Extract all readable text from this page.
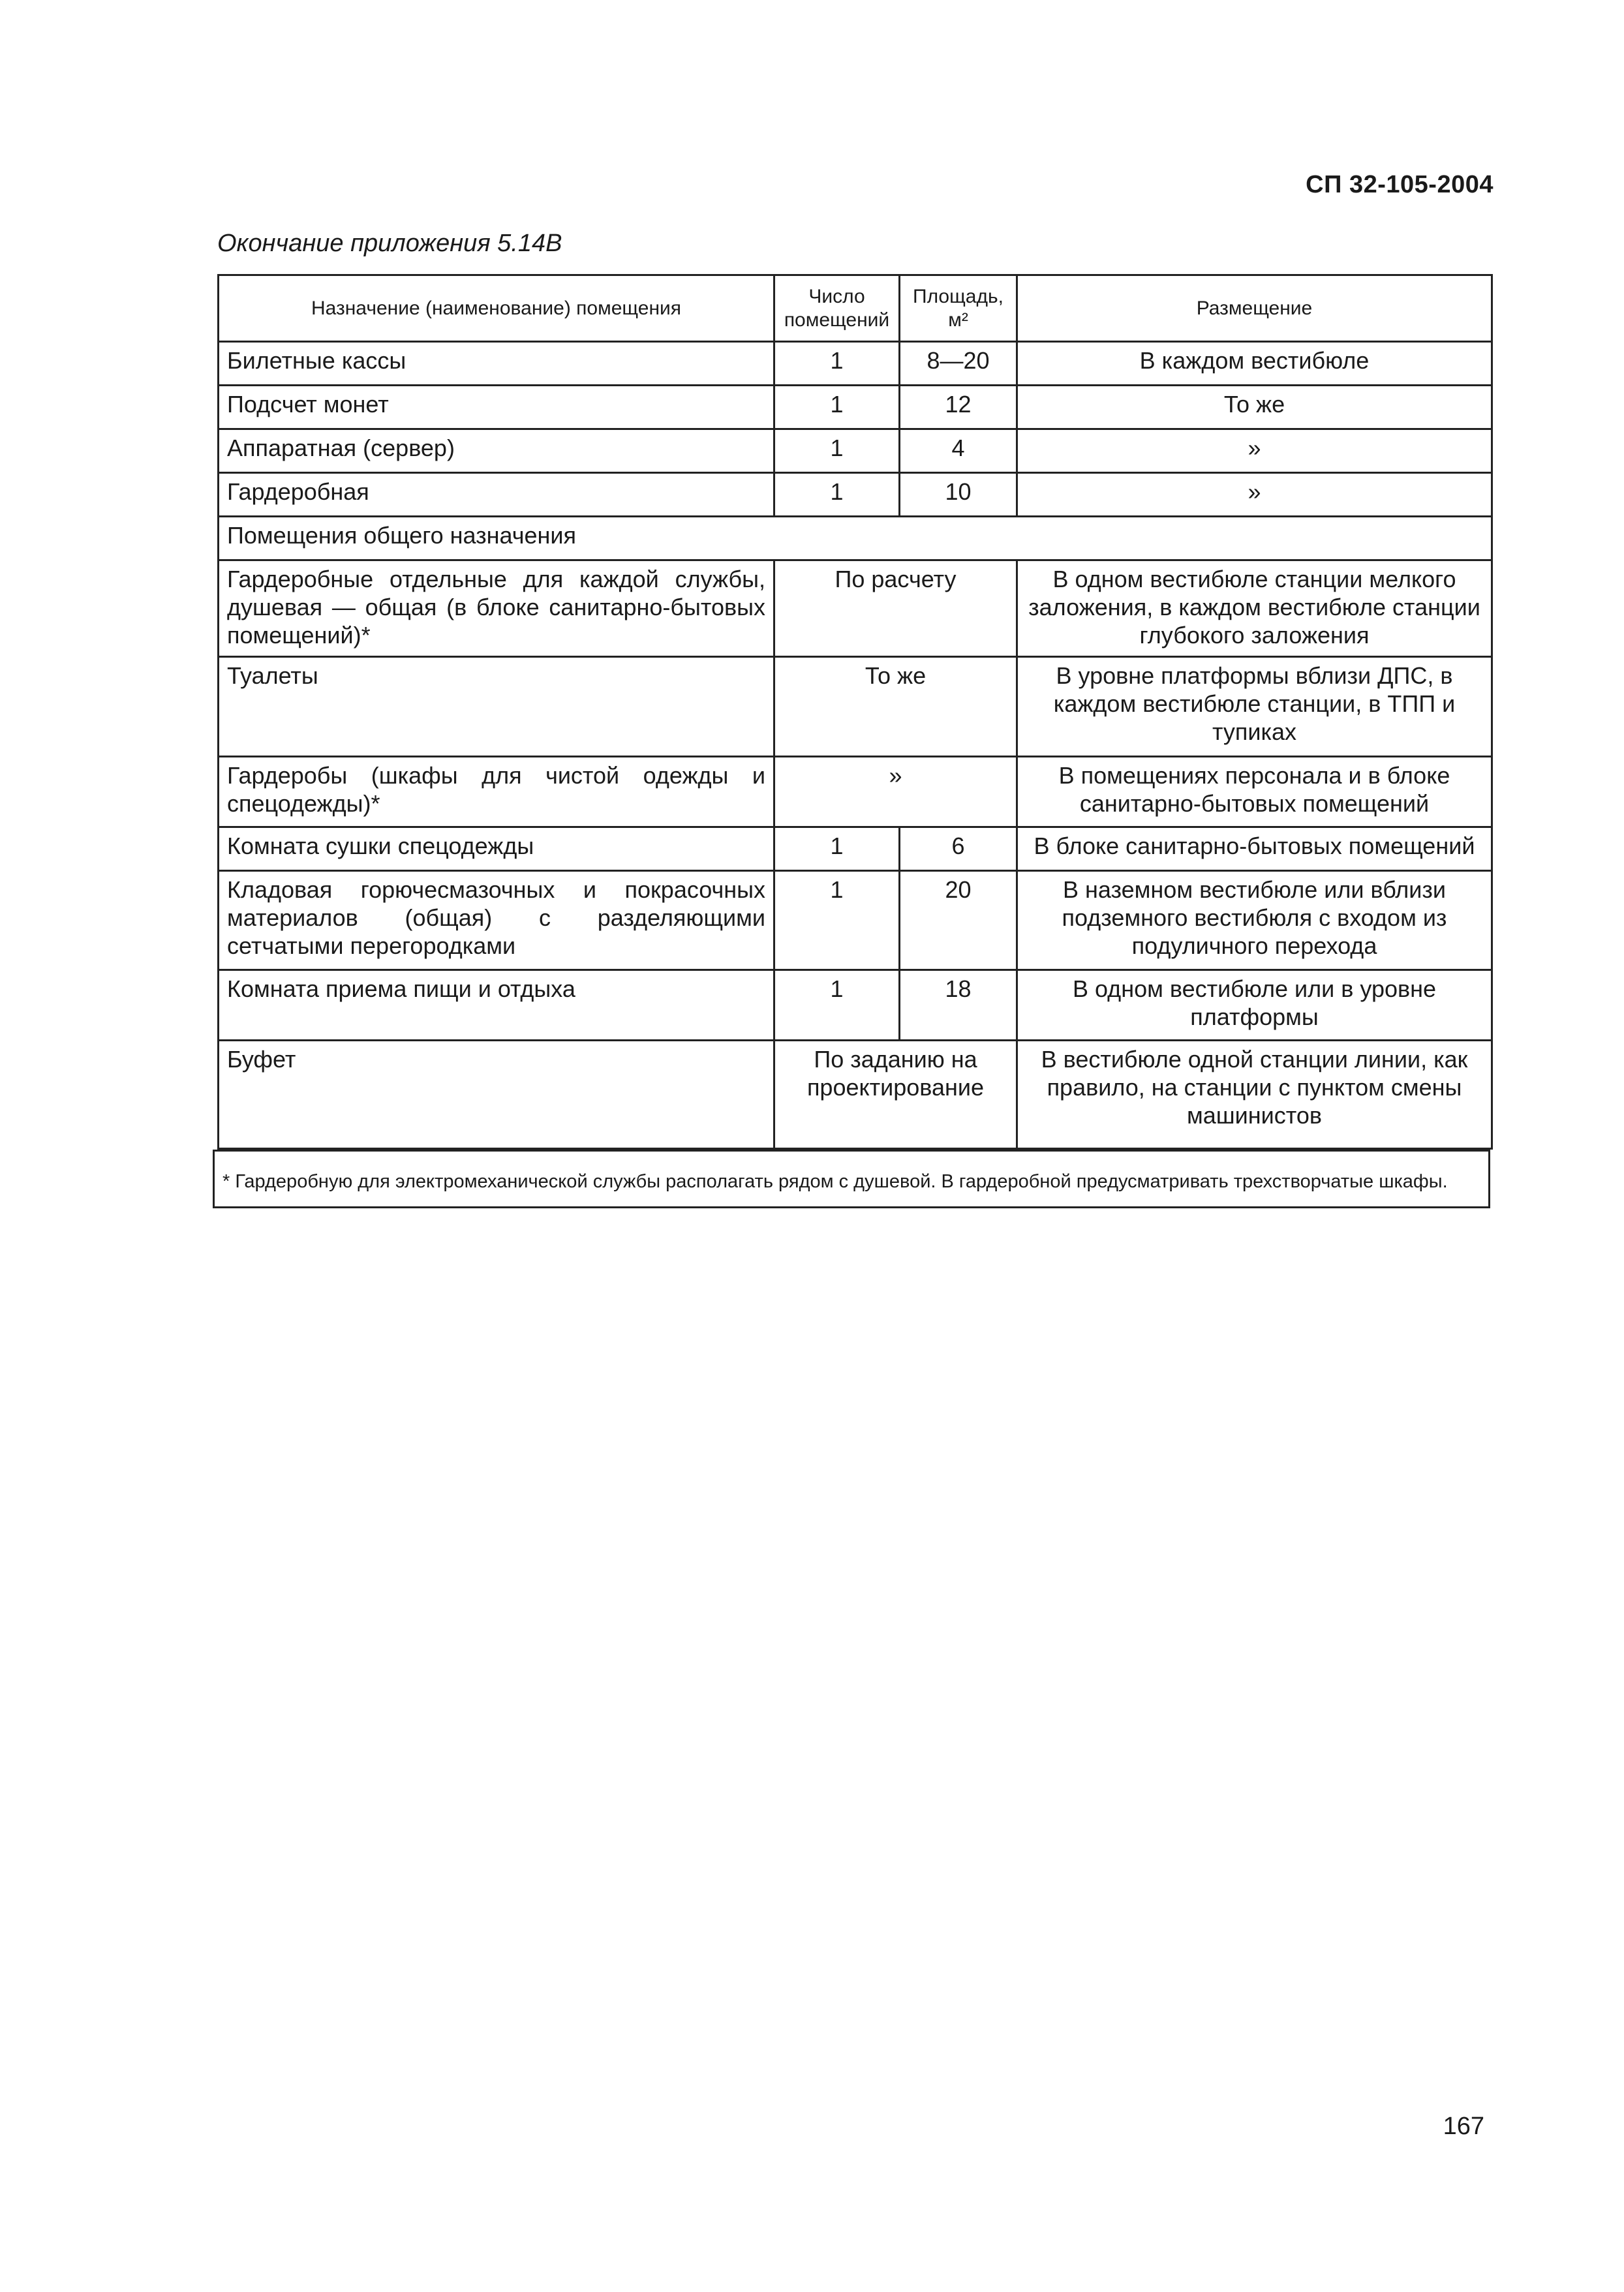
СП 32-105-2004
Окончание приложения 5.14В
Назначение (наименование) помещения	Число помещений	Площадь, м²	Размещение
Билетные кассы	1	8—20	В каждом вестибюле
Подсчет монет	1	12	То же
Аппаратная (сервер)	1	4	»
Гардеробная	1	10	»
Помещения общего назначения			
Гардеробные отдельные для каждой службы, душевая — общая (в блоке санитарно-бытовых помещений)*	По расчету		В одном вестибюле станции мелкого заложения, в каждом вестибюле станции глубокого заложения
Туалеты	То же		В уровне платформы вблизи ДПС, в каждом вестибюле станции, в ТПП и тупиках
Гардеробы (шкафы для чистой одежды и спецодежды)*	»		В помещениях персонала и в блоке санитарно-бытовых помещений
Комната сушки спецодежды	1	6	В блоке санитарно-бытовых помещений
Кладовая горючесмазочных и покрасочных материалов (общая) с разделяющими сетчатыми перегородками	1	20	В наземном вестибюле или вблизи подземного вестибюля с входом из подуличного перехода
Комната приема пищи и отдыха	1	18	В одном вестибюле или в уровне платформы
Буфет	По заданию на проектирование		В вестибюле одной станции линии, как правило, на станции с пунктом смены машинистов
* Гардеробную для электромеханической службы располагать рядом с душевой. В гардеробной предусматривать трехстворчатые шкафы.
167
